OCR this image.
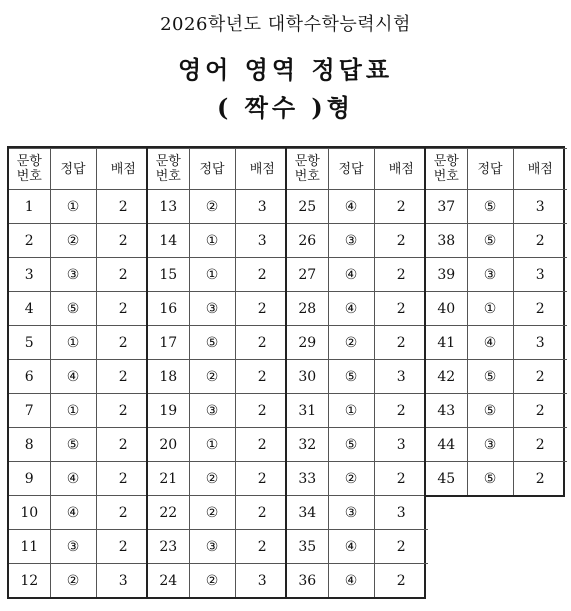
2026학년도 대학수학능력시험
영어 영역 정답표
( 짝수 )형
문항
번호	정답	배점
1	①	2
2	②	2
3	③	2
4	⑤	2
5	①	2
6	④	2
7	①	2
8	⑤	2
9	④	2
10	④	2
11	③	2
12	②	3
문항
번호	정답	배점
13	②	3
14	①	3
15	①	2
16	③	2
17	⑤	2
18	②	2
19	③	2
20	①	2
21	②	2
22	②	2
23	③	2
24	②	3
문항
번호	정답	배점
25	④	2
26	③	2
27	④	2
28	④	2
29	②	2
30	⑤	3
31	①	2
32	⑤	3
33	②	2
34	③	3
35	④	2
36	④	2
문항
번호	정답	배점
37	⑤	3
38	⑤	2
39	③	3
40	①	2
41	④	3
42	⑤	2
43	⑤	2
44	③	2
45	⑤	2
